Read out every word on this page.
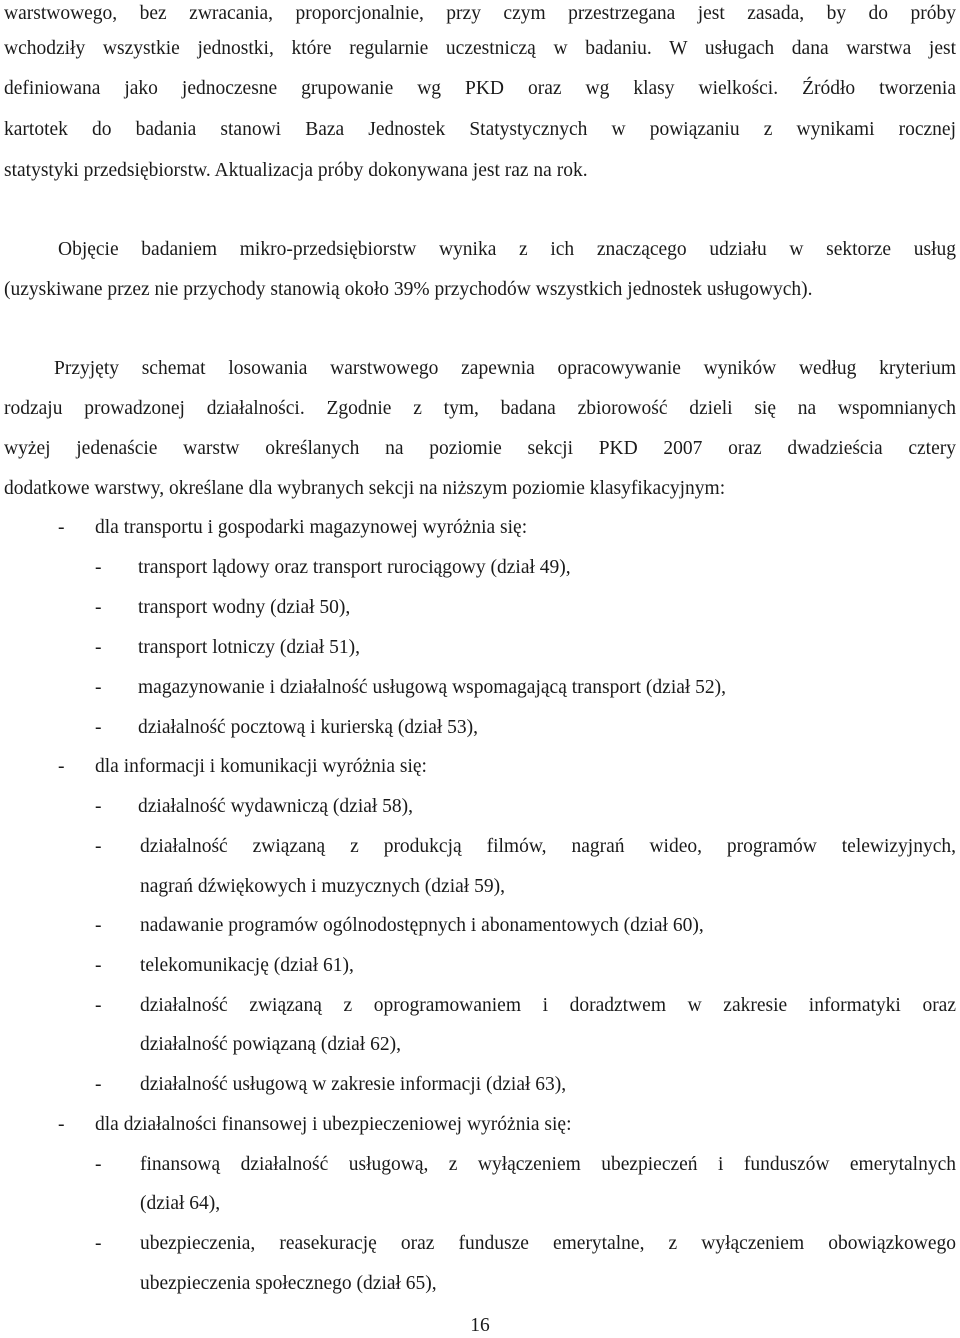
warstwowego, bez zwracania, proporcjonalnie, przy czym przestrzegana jest zasada, by do próby
wchodziły wszystkie jednostki, które regularnie uczestniczą w badaniu. W usługach dana warstwa jest
definiowana jako jednoczesne grupowanie wg PKD oraz wg klasy wielkości. Źródło tworzenia
kartotek do badania stanowi Baza Jednostek Statystycznych w powiązaniu z wynikami rocznej
statystyki przedsiębiorstw. Aktualizacja próby dokonywana jest raz na rok.
Objęcie badaniem mikro-przedsiębiorstw wynika z ich znaczącego udziału w sektorze usług
(uzyskiwane przez nie przychody stanowią około 39% przychodów wszystkich jednostek usługowych).
Przyjęty schemat losowania warstwowego zapewnia opracowywanie wyników według kryterium
rodzaju prowadzonej działalności. Zgodnie z tym, badana zbiorowość dzieli się na wspomnianych
wyżej jedenaście warstw określanych na poziomie sekcji PKD 2007 oraz dwadzieścia cztery
dodatkowe warstwy, określane dla wybranych sekcji na niższym poziomie klasyfikacyjnym:
- dla transportu i gospodarki magazynowej wyróżnia się:
- transport lądowy oraz transport rurociągowy (dział 49),
- transport wodny (dział 50),
- transport lotniczy (dział 51),
- magazynowanie i działalność usługową wspomagającą transport (dział 52),
- działalność pocztową i kurierską (dział 53),
- dla informacji i komunikacji wyróżnia się:
- działalność wydawniczą (dział 58),
- działalność związaną z produkcją filmów, nagrań wideo, programów telewizyjnych,
nagrań dźwiękowych i muzycznych (dział 59),
- nadawanie programów ogólnodostępnych i abonamentowych (dział 60),
- telekomunikację (dział 61),
- działalność związaną z oprogramowaniem i doradztwem w zakresie informatyki oraz
działalność powiązaną (dział 62),
- działalność usługową w zakresie informacji (dział 63),
- dla działalności finansowej i ubezpieczeniowej wyróżnia się:
- finansową działalność usługową, z wyłączeniem ubezpieczeń i funduszów emerytalnych
(dział 64),
- ubezpieczenia, reasekurację oraz fundusze emerytalne, z wyłączeniem obowiązkowego
ubezpieczenia społecznego (dział 65),
16
